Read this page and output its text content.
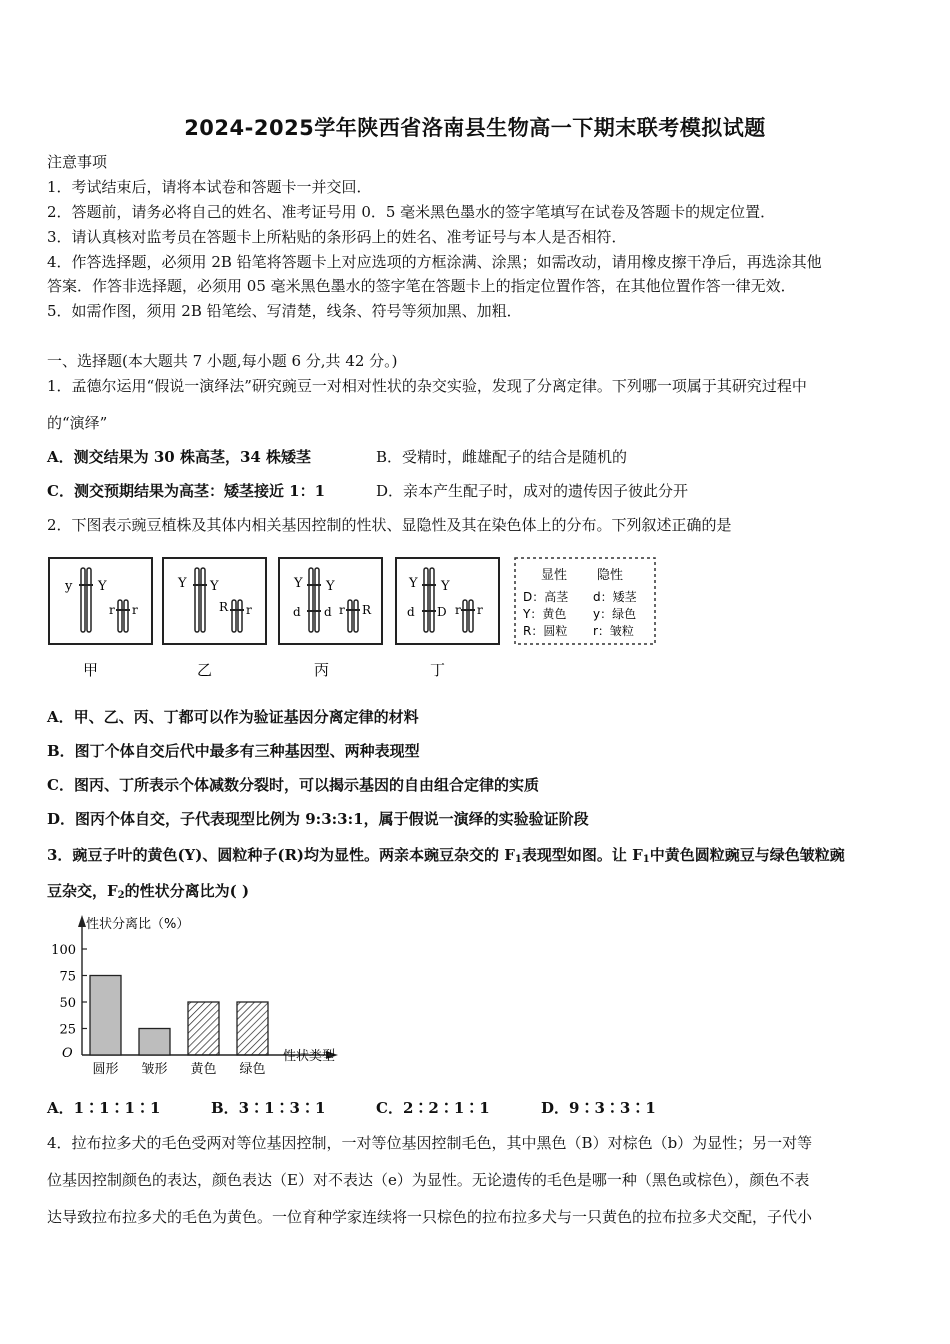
2024-2025学年陕西省洛南县生物高一下期末联考模拟试题
注意事项
1．考试结束后，请将本试卷和答题卡一并交回．
2．答题前，请务必将自己的姓名、准考证号用 0．5 毫米黑色墨水的签字笔填写在试卷及答题卡的规定位置．
3．请认真核对监考员在答题卡上所粘贴的条形码上的姓名、准考证号与本人是否相符．
4．作答选择题，必须用 2B 铅笔将答题卡上对应选项的方框涂满、涂黑；如需改动，请用橡皮擦干净后，再选涂其他
答案．作答非选择题，必须用 05 毫米黑色墨水的签字笔在答题卡上的指定位置作答，在其他位置作答一律无效．
5．如需作图，须用 2B 铅笔绘、写清楚，线条、符号等须加黑、加粗．
一、选择题(本大题共 7 小题,每小题 6 分,共 42 分。)
1．孟德尔运用“假说一演绎法”研究豌豆一对相对性状的杂交实验，发现了分离定律。下列哪一项属于其研究过程中
的“演绎”
A．测交结果为 30 株高茎，34 株矮茎	B．受精时，雌雄配子的结合是随机的
C．测交预期结果为高茎：矮茎接近 1：1	D．亲本产生配子时，成对的遗传因子彼此分开
2．下图表示豌豆植株及其体内相关基因控制的性状、显隐性及其在染色体上的分布。下列叙述正确的是
y Y
r r
甲
Y Y
R r
乙
Y Y
d d r R
丙
Y Y
d D r r
丁
显性 隐性
D：高茎 d：矮茎
Y：黄色 y：绿色
R：圆粒 r：皱粒
A．甲、乙、丙、丁都可以作为验证基因分离定律的材料
B．图丁个体自交后代中最多有三种基因型、两种表现型
C．图丙、丁所表示个体减数分裂时，可以揭示基因的自由组合定律的实质
D．图丙个体自交，子代表现型比例为 9:3:3:1，属于假说一演绎的实验验证阶段
3．豌豆子叶的黄色(Y)、圆粒种子(R)均为显性。两亲本豌豆杂交的 $F_1$表现型如图。让 $F_1$中黄色圆粒豌豆与绿色皱粒豌
豆杂交，$F_2$的性状分离比为( )
性状分离比（%）
O	性状类型
100
75
50
25
圆形 皱形 黄色 绿色
A．1∶1∶1∶1	B．3∶1∶3∶1	C．2∶2∶1∶1	D．9∶3∶3∶1
4．拉布拉多犬的毛色受两对等位基因控制，一对等位基因控制毛色，其中黑色（B）对棕色（b）为显性；另一对等
位基因控制颜色的表达，颜色表达（E）对不表达（e）为显性。无论遗传的毛色是哪一种（黑色或棕色），颜色不表
达导致拉布拉多犬的毛色为黄色。一位育种学家连续将一只棕色的拉布拉多犬与一只黄色的拉布拉多犬交配，子代小
